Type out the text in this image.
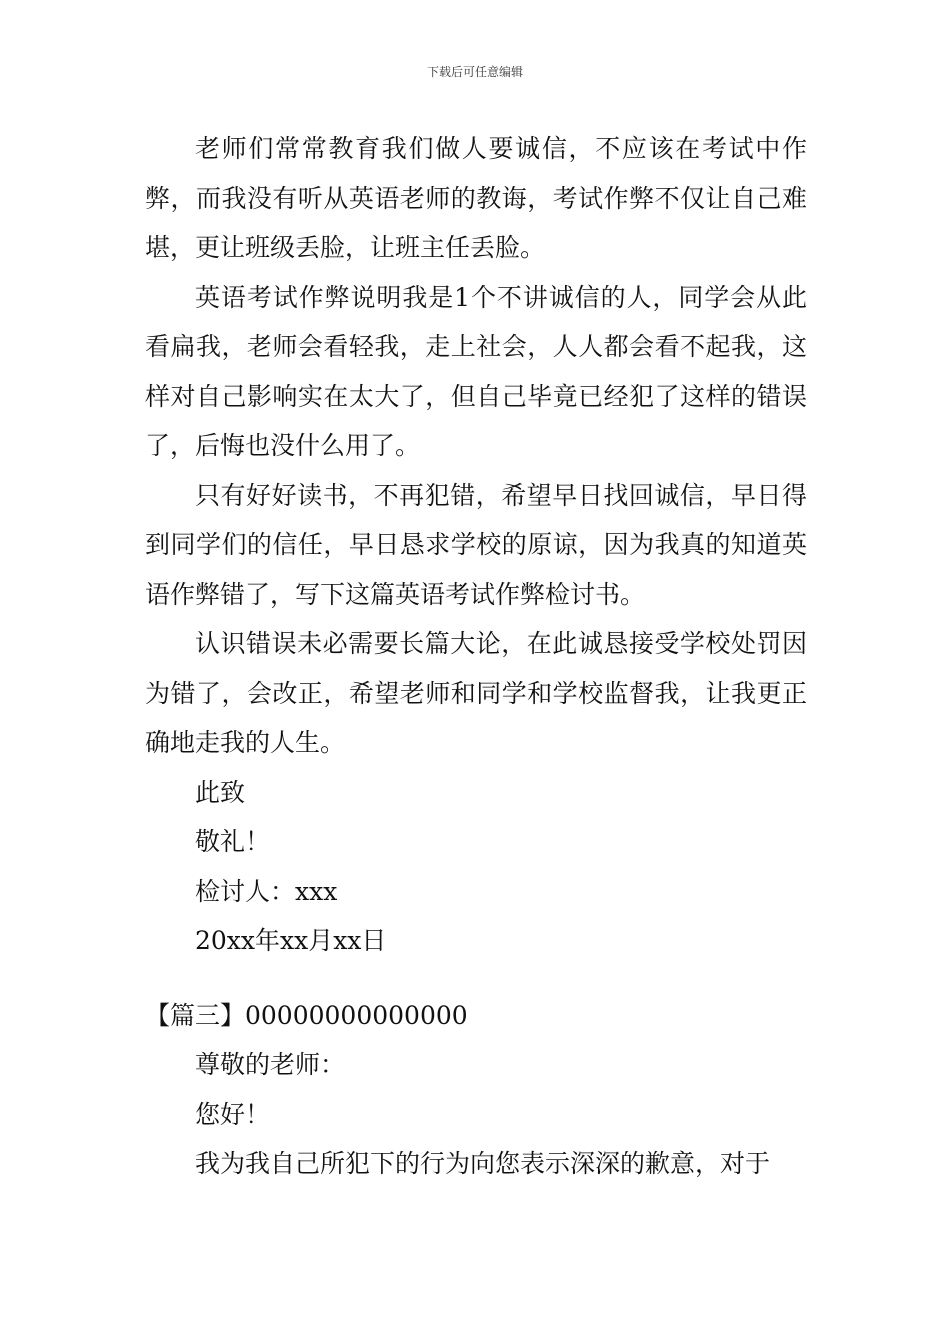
下载后可任意编辑

老师们常常教育我们做人要诚信，不应该在考试中作弊，而我没有听从英语老师的教诲，考试作弊不仅让自己难堪，更让班级丢脸，让班主任丢脸。

英语考试作弊说明我是1个不讲诚信的人，同学会从此看扁我，老师会看轻我，走上社会，人人都会看不起我，这样对自己影响实在太大了，但自己毕竟已经犯了这样的错误了，后悔也没什么用了。

只有好好读书，不再犯错，希望早日找回诚信，早日得到同学们的信任，早日恳求学校的原谅，因为我真的知道英语作弊错了，写下这篇英语考试作弊检讨书。

认识错误未必需要长篇大论，在此诚恳接受学校处罚因为错了，会改正，希望老师和同学和学校监督我，让我更正确地走我的人生。

此致

敬礼！

检讨人：xxx

20xx年xx月xx日

【篇三】00000000000000

尊敬的老师：

您好！

我为我自己所犯下的行为向您表示深深的歉意，对于
